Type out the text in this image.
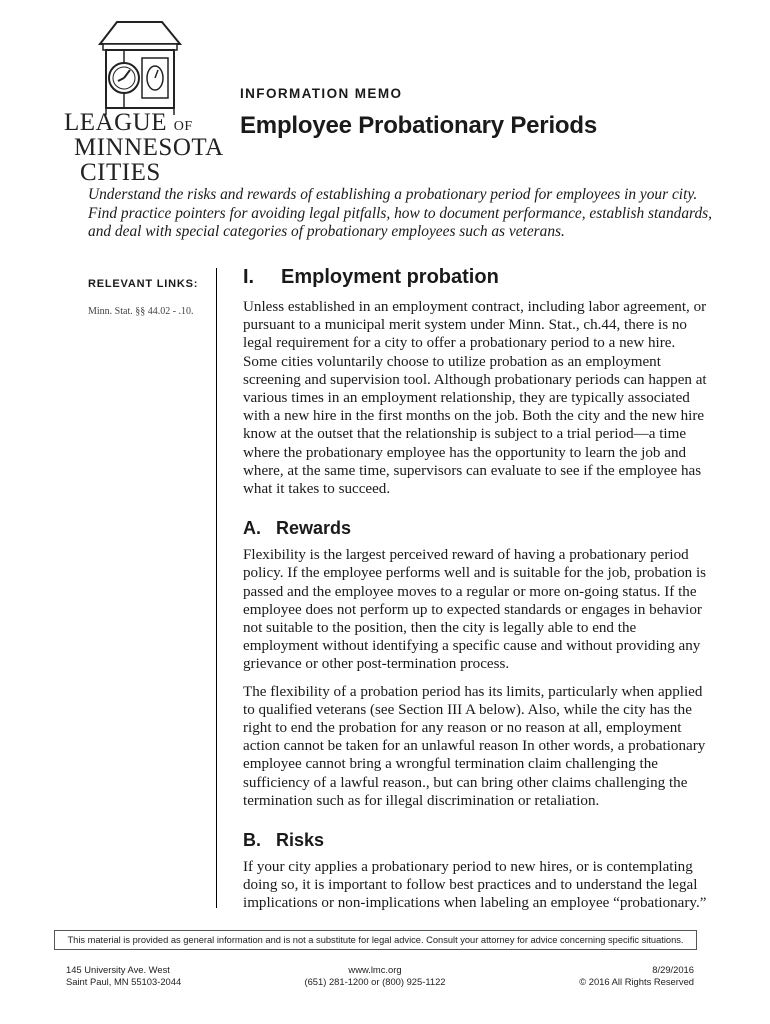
LEAGUE OF
MINNESOTA
CITIES
INFORMATION MEMO
Employee Probationary Periods

Understand the risks and rewards of establishing a probationary period for employees in your city. Find practice pointers for avoiding legal pitfalls, how to document performance, establish standards, and deal with special categories of probationary employees such as veterans.

RELEVANT LINKS:
Minn. Stat. §§ 44.02 - .10.
I. Employment probation

Unless established in an employment contract, including labor agreement, or pursuant to a municipal merit system under Minn. Stat., ch.44, there is no legal requirement for a city to offer a probationary period to a new hire. Some cities voluntarily choose to utilize probation as an employment screening and supervision tool. Although probationary periods can happen at various times in an employment relationship, they are typically associated with a new hire in the first months on the job. Both the city and the new hire know at the outset that the relationship is subject to a trial period—a time where the probationary employee has the opportunity to learn the job and where, at the same time, supervisors can evaluate to see if the employee has what it takes to succeed.

A. Rewards

Flexibility is the largest perceived reward of having a probationary period policy. If the employee performs well and is suitable for the job, probation is passed and the employee moves to a regular or more on-going status. If the employee does not perform up to expected standards or engages in behavior not suitable to the position, then the city is legally able to end the employment without identifying a specific cause and without providing any grievance or other post-termination process.

The flexibility of a probation period has its limits, particularly when applied to qualified veterans (see Section III A below). Also, while the city has the right to end the probation for any reason or no reason at all, employment action cannot be taken for an unlawful reason In other words, a probationary employee cannot bring a wrongful termination claim challenging the sufficiency of a lawful reason., but can bring other claims challenging the termination such as for illegal discrimination or retaliation.

B. Risks

If your city applies a probationary period to new hires, or is contemplating doing so, it is important to follow best practices and to understand the legal implications or non-implications when labeling an employee “probationary.”

This material is provided as general information and is not a substitute for legal advice. Consult your attorney for advice concerning specific situations.
145 University Ave. West
Saint Paul, MN 55103-2044
www.lmc.org
(651) 281-1200 or (800) 925-1122
8/29/2016
© 2016 All Rights Reserved
